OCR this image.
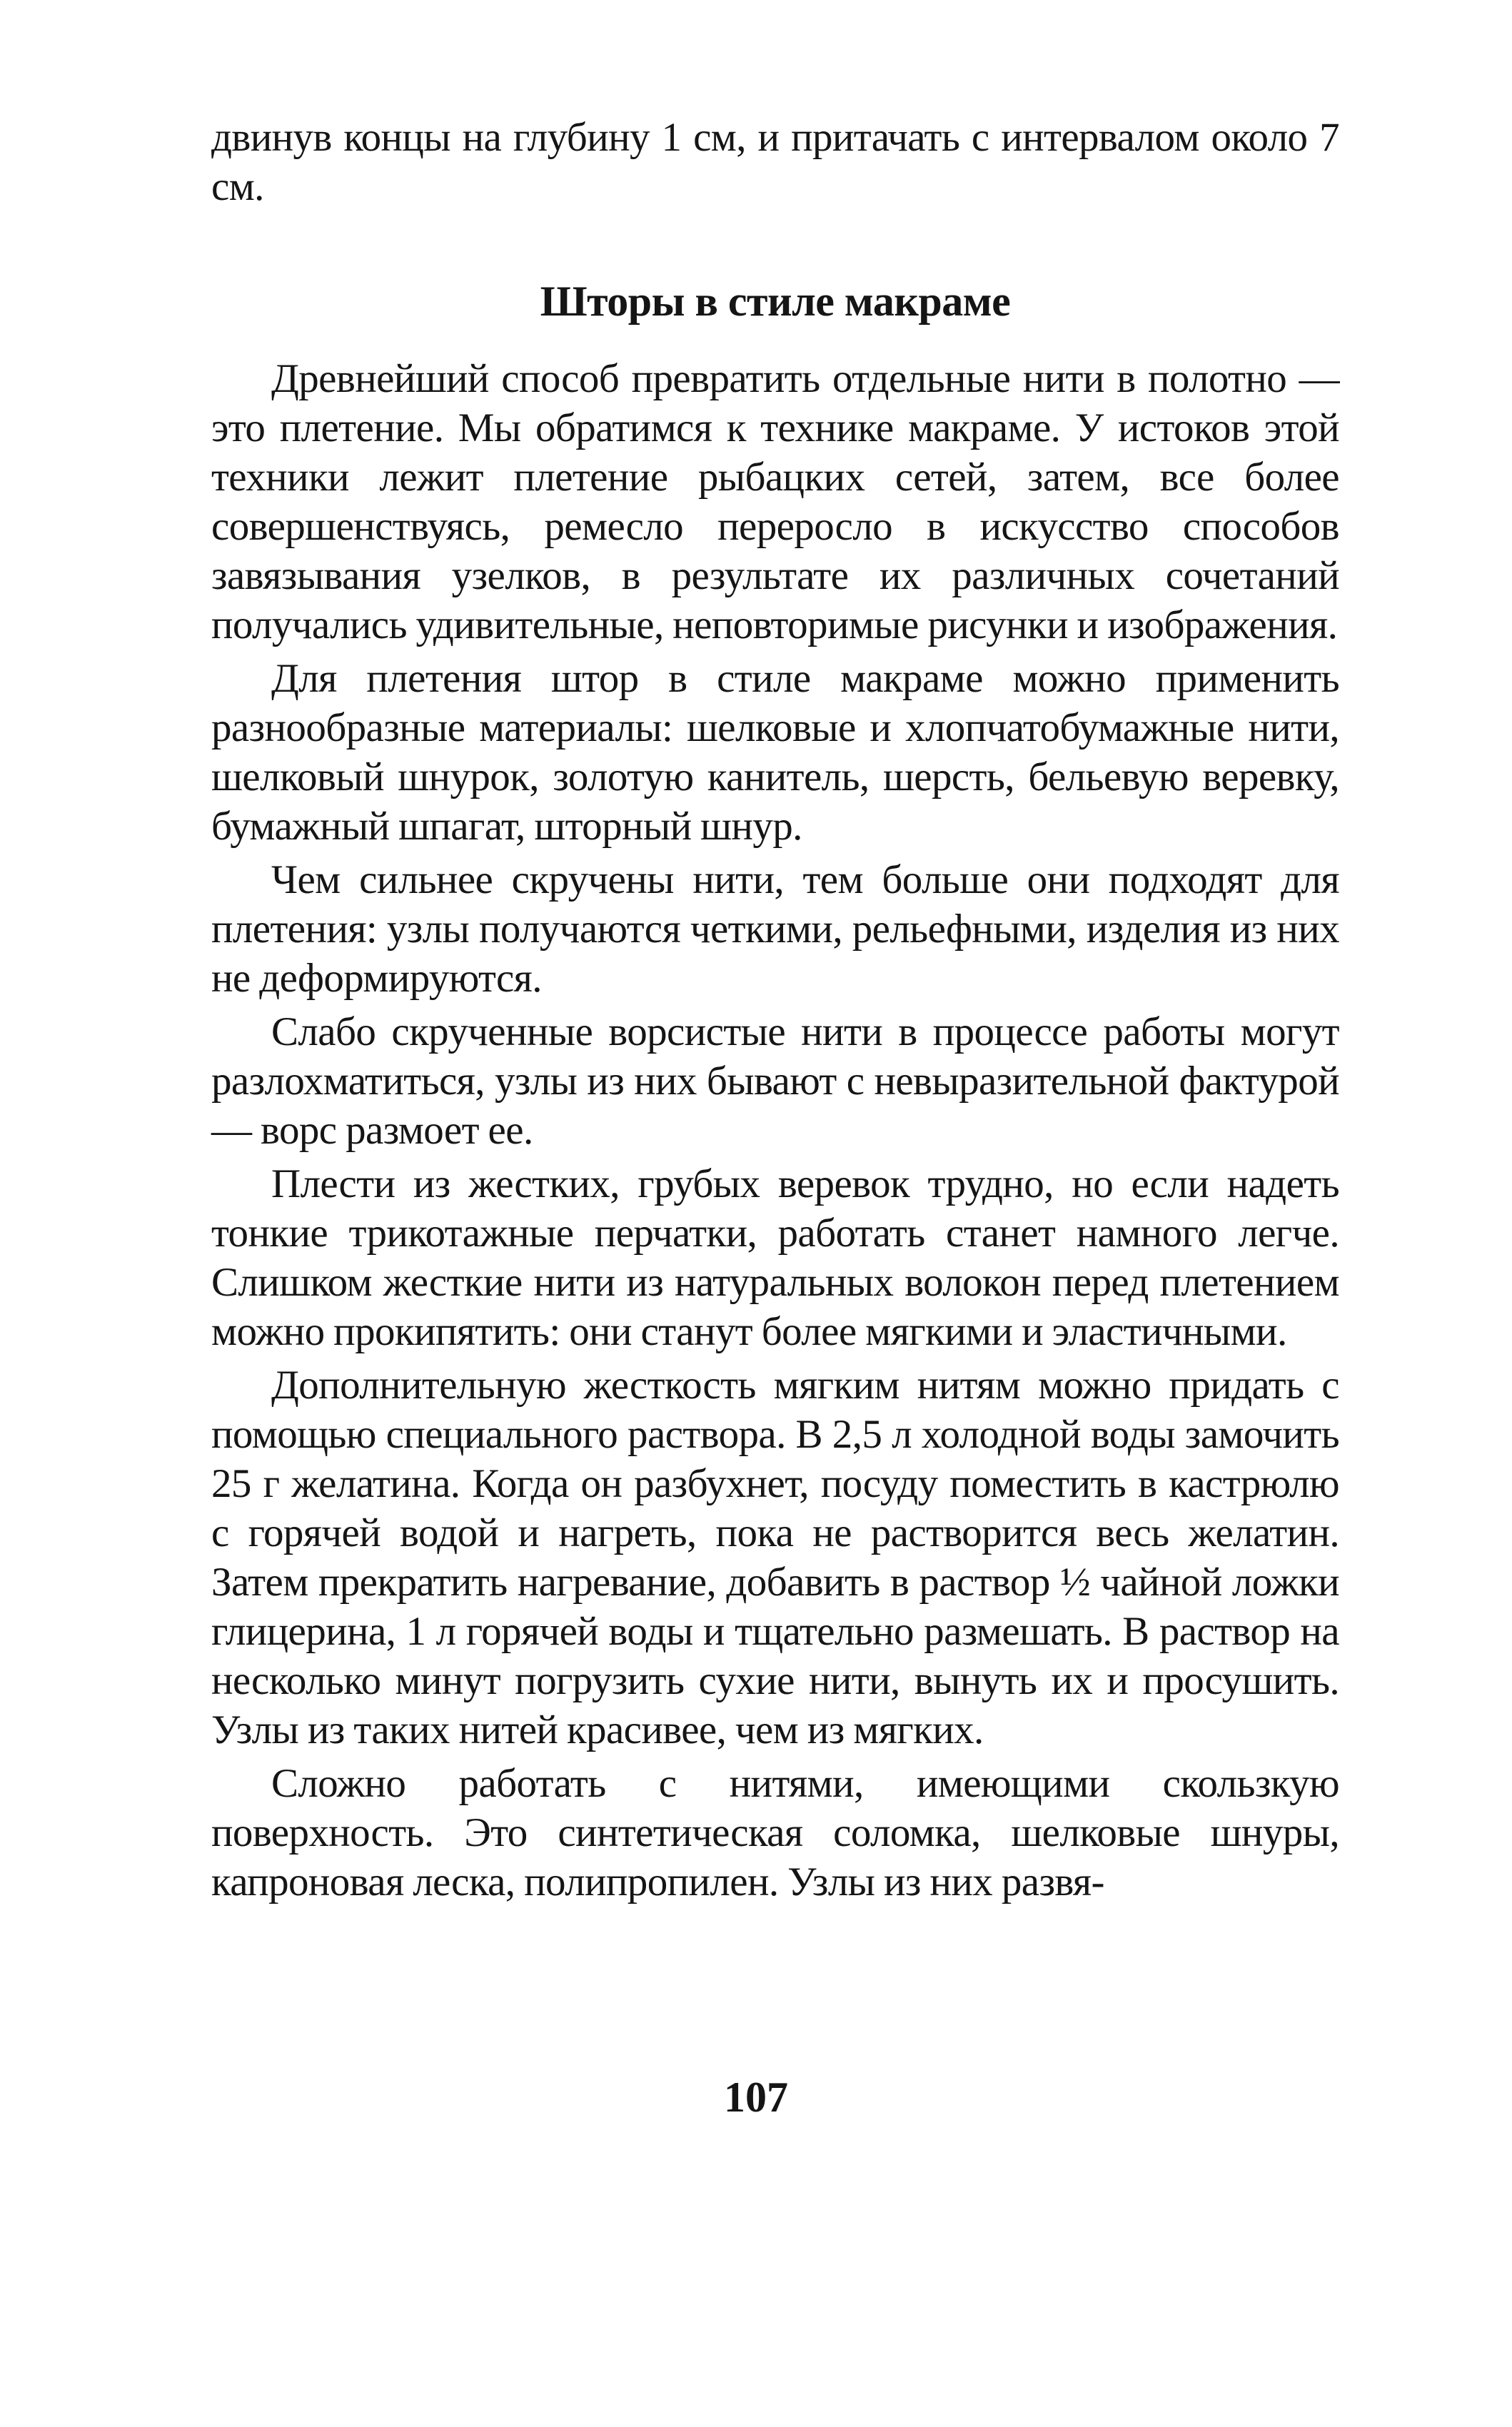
двинув концы на глубину 1 см, и притачать с интервалом около 7 см.

Шторы в стиле макраме

Древнейший способ превратить отдельные нити в полотно — это плетение. Мы обратимся к технике макраме. У истоков этой техники лежит плетение рыбацких сетей, затем, все более совершенствуясь, ремесло переросло в искусство способов завязывания узелков, в результате их различных сочетаний получались удивительные, неповторимые рисунки и изображения.

Для плетения штор в стиле макраме можно применить разнообразные материалы: шелковые и хлопчатобумажные нити, шелковый шнурок, золотую канитель, шерсть, бельевую веревку, бумажный шпагат, шторный шнур.

Чем сильнее скручены нити, тем больше они подходят для плетения: узлы получаются четкими, рельефными, изделия из них не деформируются.

Слабо скрученные ворсистые нити в процессе работы могут разлохматиться, узлы из них бывают с невыразительной фактурой — ворс размоет ее.

Плести из жестких, грубых веревок трудно, но если надеть тонкие трикотажные перчатки, работать станет намного легче. Слишком жесткие нити из натуральных волокон перед плетением можно прокипятить: они станут более мягкими и эластичными.

Дополнительную жесткость мягким нитям можно придать с помощью специального раствора. В 2,5 л холодной воды замочить 25 г желатина. Когда он разбухнет, посуду поместить в кастрюлю с горячей водой и нагреть, пока не растворится весь желатин. Затем прекратить нагревание, добавить в раствор ½ чайной ложки глицерина, 1 л горячей воды и тщательно размешать. В раствор на несколько минут погрузить сухие нити, вынуть их и просушить. Узлы из таких нитей красивее, чем из мягких.

Сложно работать с нитями, имеющими скользкую поверхность. Это синтетическая соломка, шелковые шнуры, капроновая леска, полипропилен. Узлы из них развя-

107
